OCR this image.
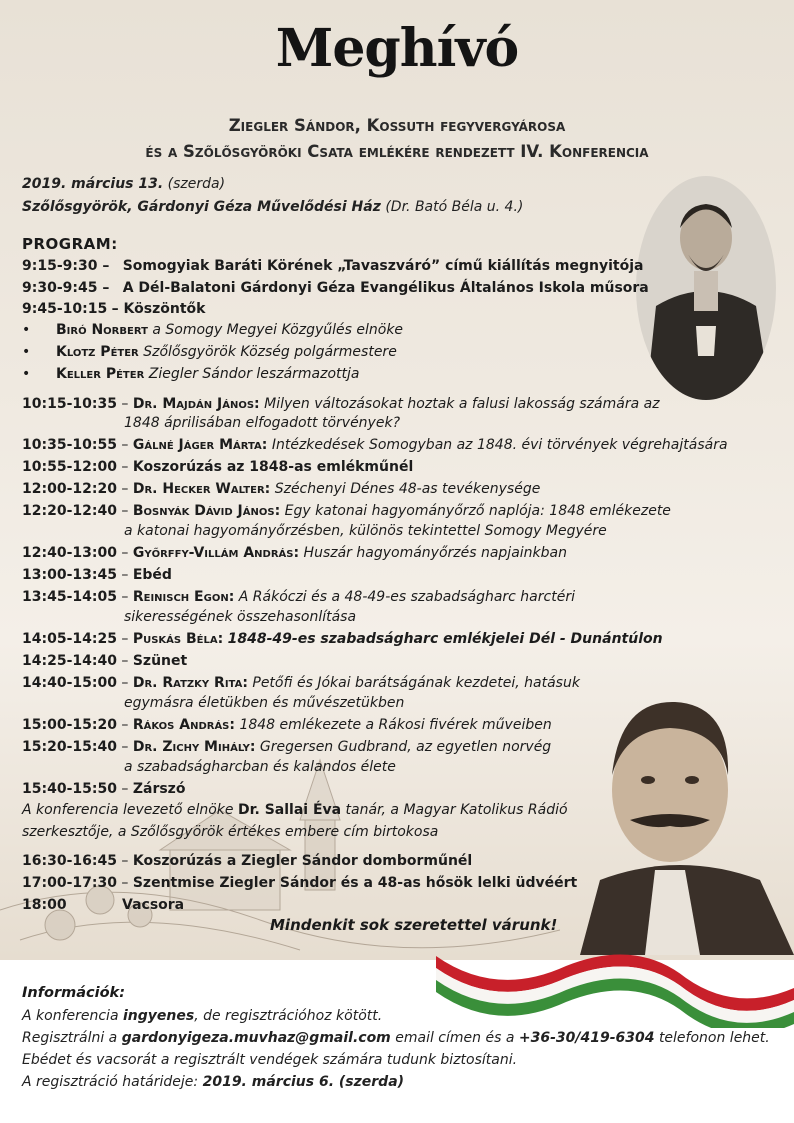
Meghívó
Ziegler Sándor, Kossuth fegyvergyárosa
és a Szőlősgyöröki Csata emlékére rendezett IV. Konferencia
2019. március 13. (szerda)
Szőlősgyörök, Gárdonyi Géza Művelődési Ház (Dr. Bató Béla u. 4.)
PROGRAM:
9:15-9:30 – Somogyiak Baráti Körének „Tavaszváró” című kiállítás megnyitója
9:30-9:45 – A Dél-Balatoni Gárdonyi Géza Evangélikus Általános Iskola műsora
9:45-10:15 – Köszöntők
• Biró Norbert a Somogy Megyei Közgyűlés elnöke
• Klotz Péter Szőlősgyörök Község polgármestere
• Keller Péter Ziegler Sándor leszármazottja
10:15-10:35 – Dr. Majdán János: Milyen változásokat hoztak a falusi lakosság számára az
1848 áprilisában elfogadott törvények?
10:35-10:55 – Gálné Jáger Márta: Intézkedések Somogyban az 1848. évi törvények végrehajtására
10:55-12:00 – Koszorúzás az 1848-as emlékműnél
12:00-12:20 – Dr. Hecker Walter: Széchenyi Dénes 48-as tevékenysége
12:20-12:40 – Bosnyák Dávid János: Egy katonai hagyományőrző naplója: 1848 emlékezete
a katonai hagyományőrzésben, különös tekintettel Somogy Megyére
12:40-13:00 – Győrffy-Villám András: Huszár hagyományőrzés napjainkban
13:00-13:45 – Ebéd
13:45-14:05 – Reinisch Egon: A Rákóczi és a 48-49-es szabadságharc harctéri
sikerességének összehasonlítása
14:05-14:25 – Puskás Béla: 1848-49-es szabadságharc emlékjelei Dél - Dunántúlon
14:25-14:40 – Szünet
14:40-15:00 – Dr. Ratzky Rita: Petőfi és Jókai barátságának kezdetei, hatásuk
egymásra életükben és művészetükben
15:00-15:20 – Rákos András: 1848 emlékezete a Rákosi fivérek műveiben
15:20-15:40 – Dr. Zichy Mihály: Gregersen Gudbrand, az egyetlen norvég
a szabadságharcban és kalandos élete
15:40-15:50 – Zárszó
A konferencia levezető elnöke Dr. Sallai Éva tanár, a Magyar Katolikus Rádió
szerkesztője, a Szőlősgyörök értékes embere cím birtokosa
16:30-16:45 – Koszorúzás a Ziegler Sándor dombormű​nél
17:00-17:30 – Szentmise Ziegler Sándor és a 48-as hősök lelki üdvéért
18:00	Vacsora
Mindenkit sok szeretettel várunk!
Információk:
A konferencia ingyenes, de regisztrációhoz kötött.
Regisztrálni a gardonyigeza.muvhaz@gmail.com email címen és a +36-30/419-6304 telefonon lehet.
Ebédet és vacsorát a regisztrált vendégek számára tudunk biztosítani.
A regisztráció határideje: 2019. március 6. (szerda)
